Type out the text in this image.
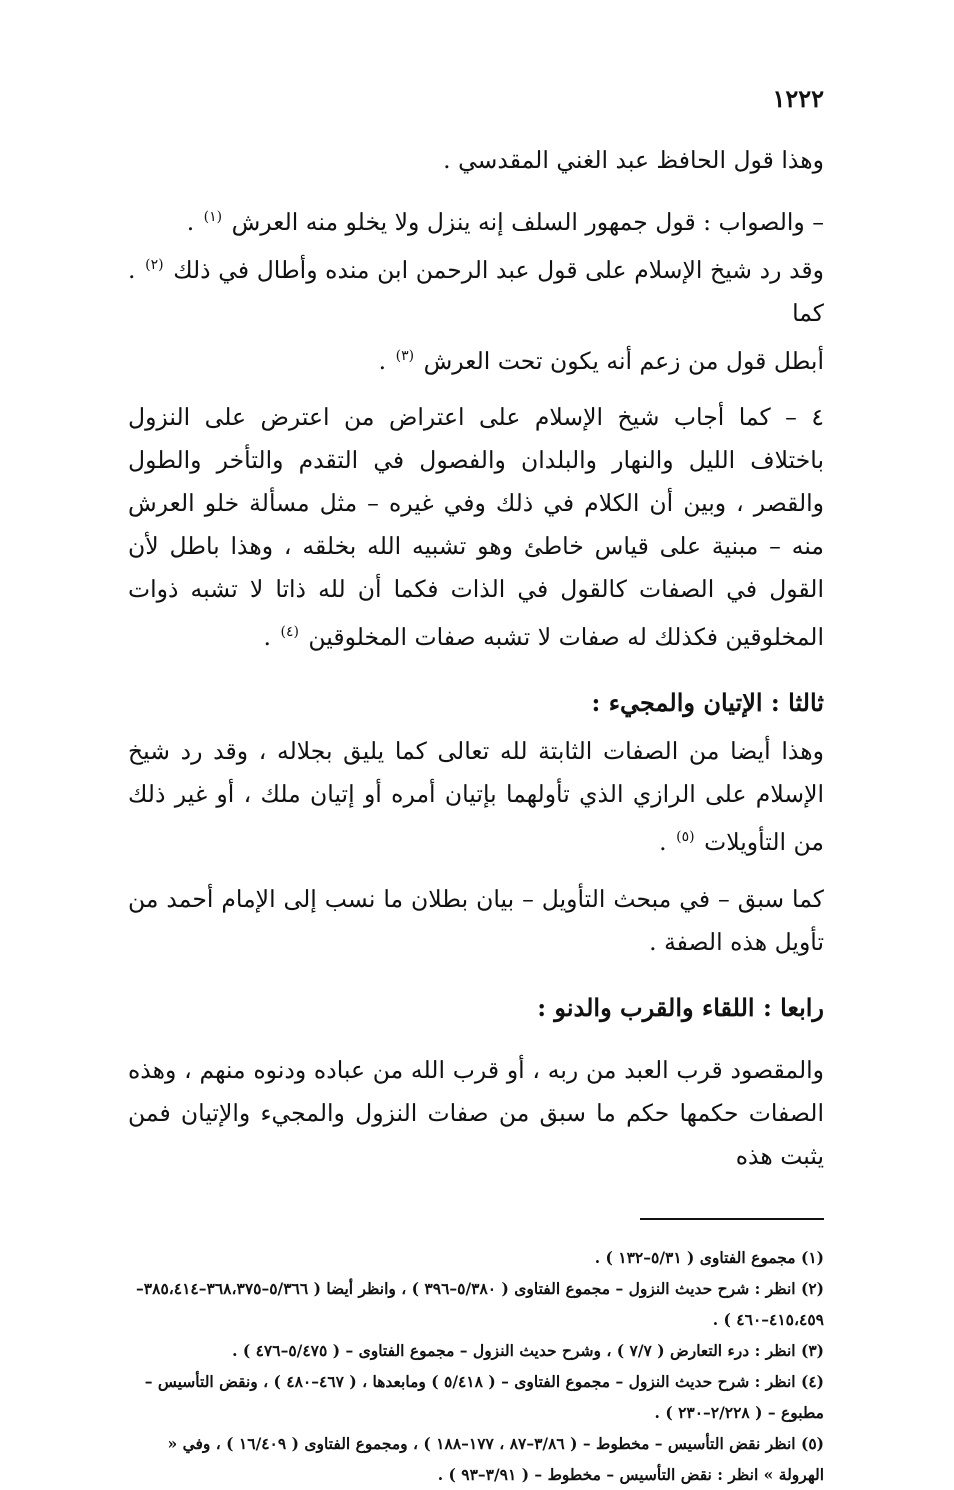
١٢٢٢

وهذا قول الحافظ عبد الغني المقدسي .

– والصواب : قول جمهور السلف إنه ينزل ولا يخلو منه العرش $^{(١)}$ .

وقد رد شيخ الإسلام على قول عبد الرحمن ابن منده وأطال في ذلك $^{(٢)}$ . كما

أبطل قول من زعم أنه يكون تحت العرش $^{(٣)}$ .

٤ – كما أجاب شيخ الإسلام على اعتراض من اعترض على النزول باختلاف الليل والنهار والبلدان والفصول في التقدم والتأخر والطول والقصر ، وبين أن الكلام في ذلك وفي غيره – مثل مسألة خلو العرش منه – مبنية على قياس خاطئ وهو تشبيه الله بخلقه ، وهذا باطل لأن القول في الصفات كالقول في الذات فكما أن لله ذاتا لا تشبه ذوات المخلوقين فكذلك له صفات لا تشبه صفات المخلوقين $^{(٤)}$ .

ثالثا : الإتيان والمجيء :

وهذا أيضا من الصفات الثابتة لله تعالى كما يليق بجلاله ، وقد رد شيخ الإسلام على الرازي الذي تأولهما بإتيان أمره أو إتيان ملك ، أو غير ذلك من التأويلات $^{(٥)}$ .

كما سبق – في مبحث التأويل – بيان بطلان ما نسب إلى الإمام أحمد من تأويل هذه الصفة .

رابعا : اللقاء والقرب والدنو :

والمقصود قرب العبد من ربه ، أو قرب الله من عباده ودنوه منهم ، وهذه الصفات حكمها حكم ما سبق من صفات النزول والمجيء والإتيان فمن يثبت هذه

(١) مجموع الفتاوى ( ٥/٣١–١٣٢ ) .

(٢) انظر : شرح حديث النزول – مجموع الفتاوى ( ٥/٣٨٠–٣٩٦ ) ، وانظر أيضا ( ٥/٣٦٦–٣٦٨،٣٧٥–٣٨٥،٤١٤–٤١٥،٤٥٩–٤٦٠ ) .

(٣) انظر : درء التعارض ( ٧/٧ ) ، وشرح حديث النزول – مجموع الفتاوى – ( ٥/٤٧٥–٤٧٦ ) .

(٤) انظر : شرح حديث النزول – مجموع الفتاوى – ( ٥/٤١٨ ) ومابعدها ، ( ٤٦٧–٤٨٠ ) ، ونقض التأسيس – مطبوع – ( ٢/٢٢٨–٢٣٠ ) .

(٥) انظر نقض التأسيس – مخطوط – ( ٣/٨٦–٨٧ ، ١٧٧–١٨٨ ) ، ومجموع الفتاوى ( ١٦/٤٠٩ ) ، وفي « الهرولة » انظر : نقض التأسيس – مخطوط – ( ٣/٩١–٩٣ ) .
